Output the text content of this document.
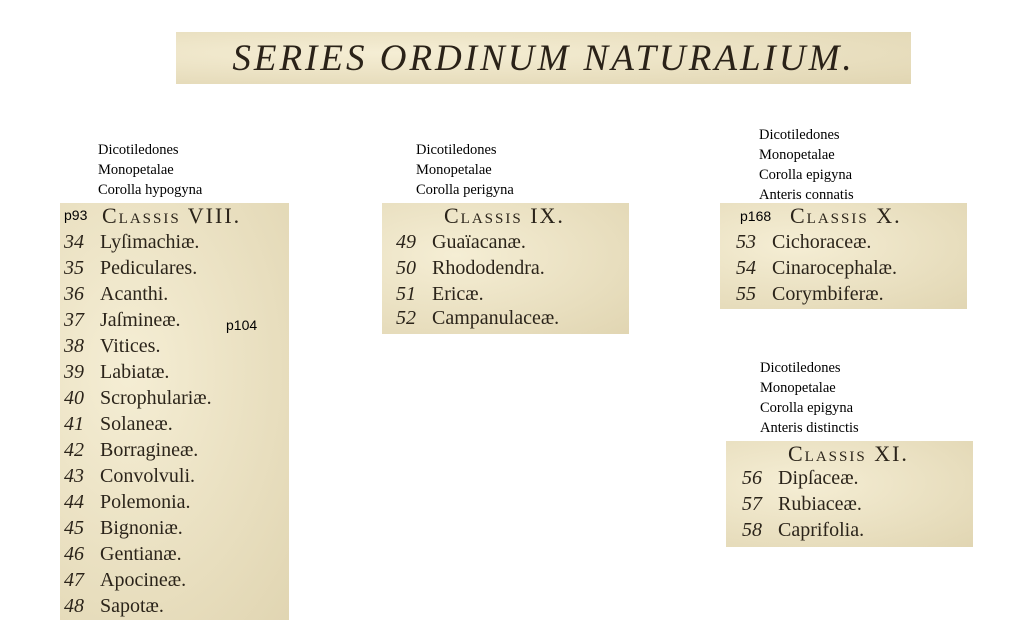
SERIES ORDINUM NATURALIUM.
Dicotiledones
Monopetalae
Corolla hypogyna
p93 Classis VIII.
34 Lyſimachiæ.
35 Pediculares.
36 Acanthi.
37 Jaſmineæ.	p104
38 Vitices.
39 Labiatæ.
40 Scrophulariæ.
41 Solaneæ.
42 Borragineæ.
43 Convolvuli.
44 Polemonia.
45 Bignoniæ.
46 Gentianæ.
47 Apocineæ.
48 Sapotæ.
Dicotiledones
Monopetalae
Corolla perigyna
Classis IX.
49 Guaïacanæ.
50 Rhododendra.
51 Ericæ.
52 Campanulaceæ.
Dicotiledones
Monopetalae
Corolla epigyna
Anteris connatis
p168 Classis X.
53 Cichoraceæ.
54 Cinarocephalæ.
55 Corymbiferæ.
Dicotiledones
Monopetalae
Corolla epigyna
Anteris distinctis
Classis XI.
56 Dipſaceæ.
57 Rubiaceæ.
58 Caprifolia.
